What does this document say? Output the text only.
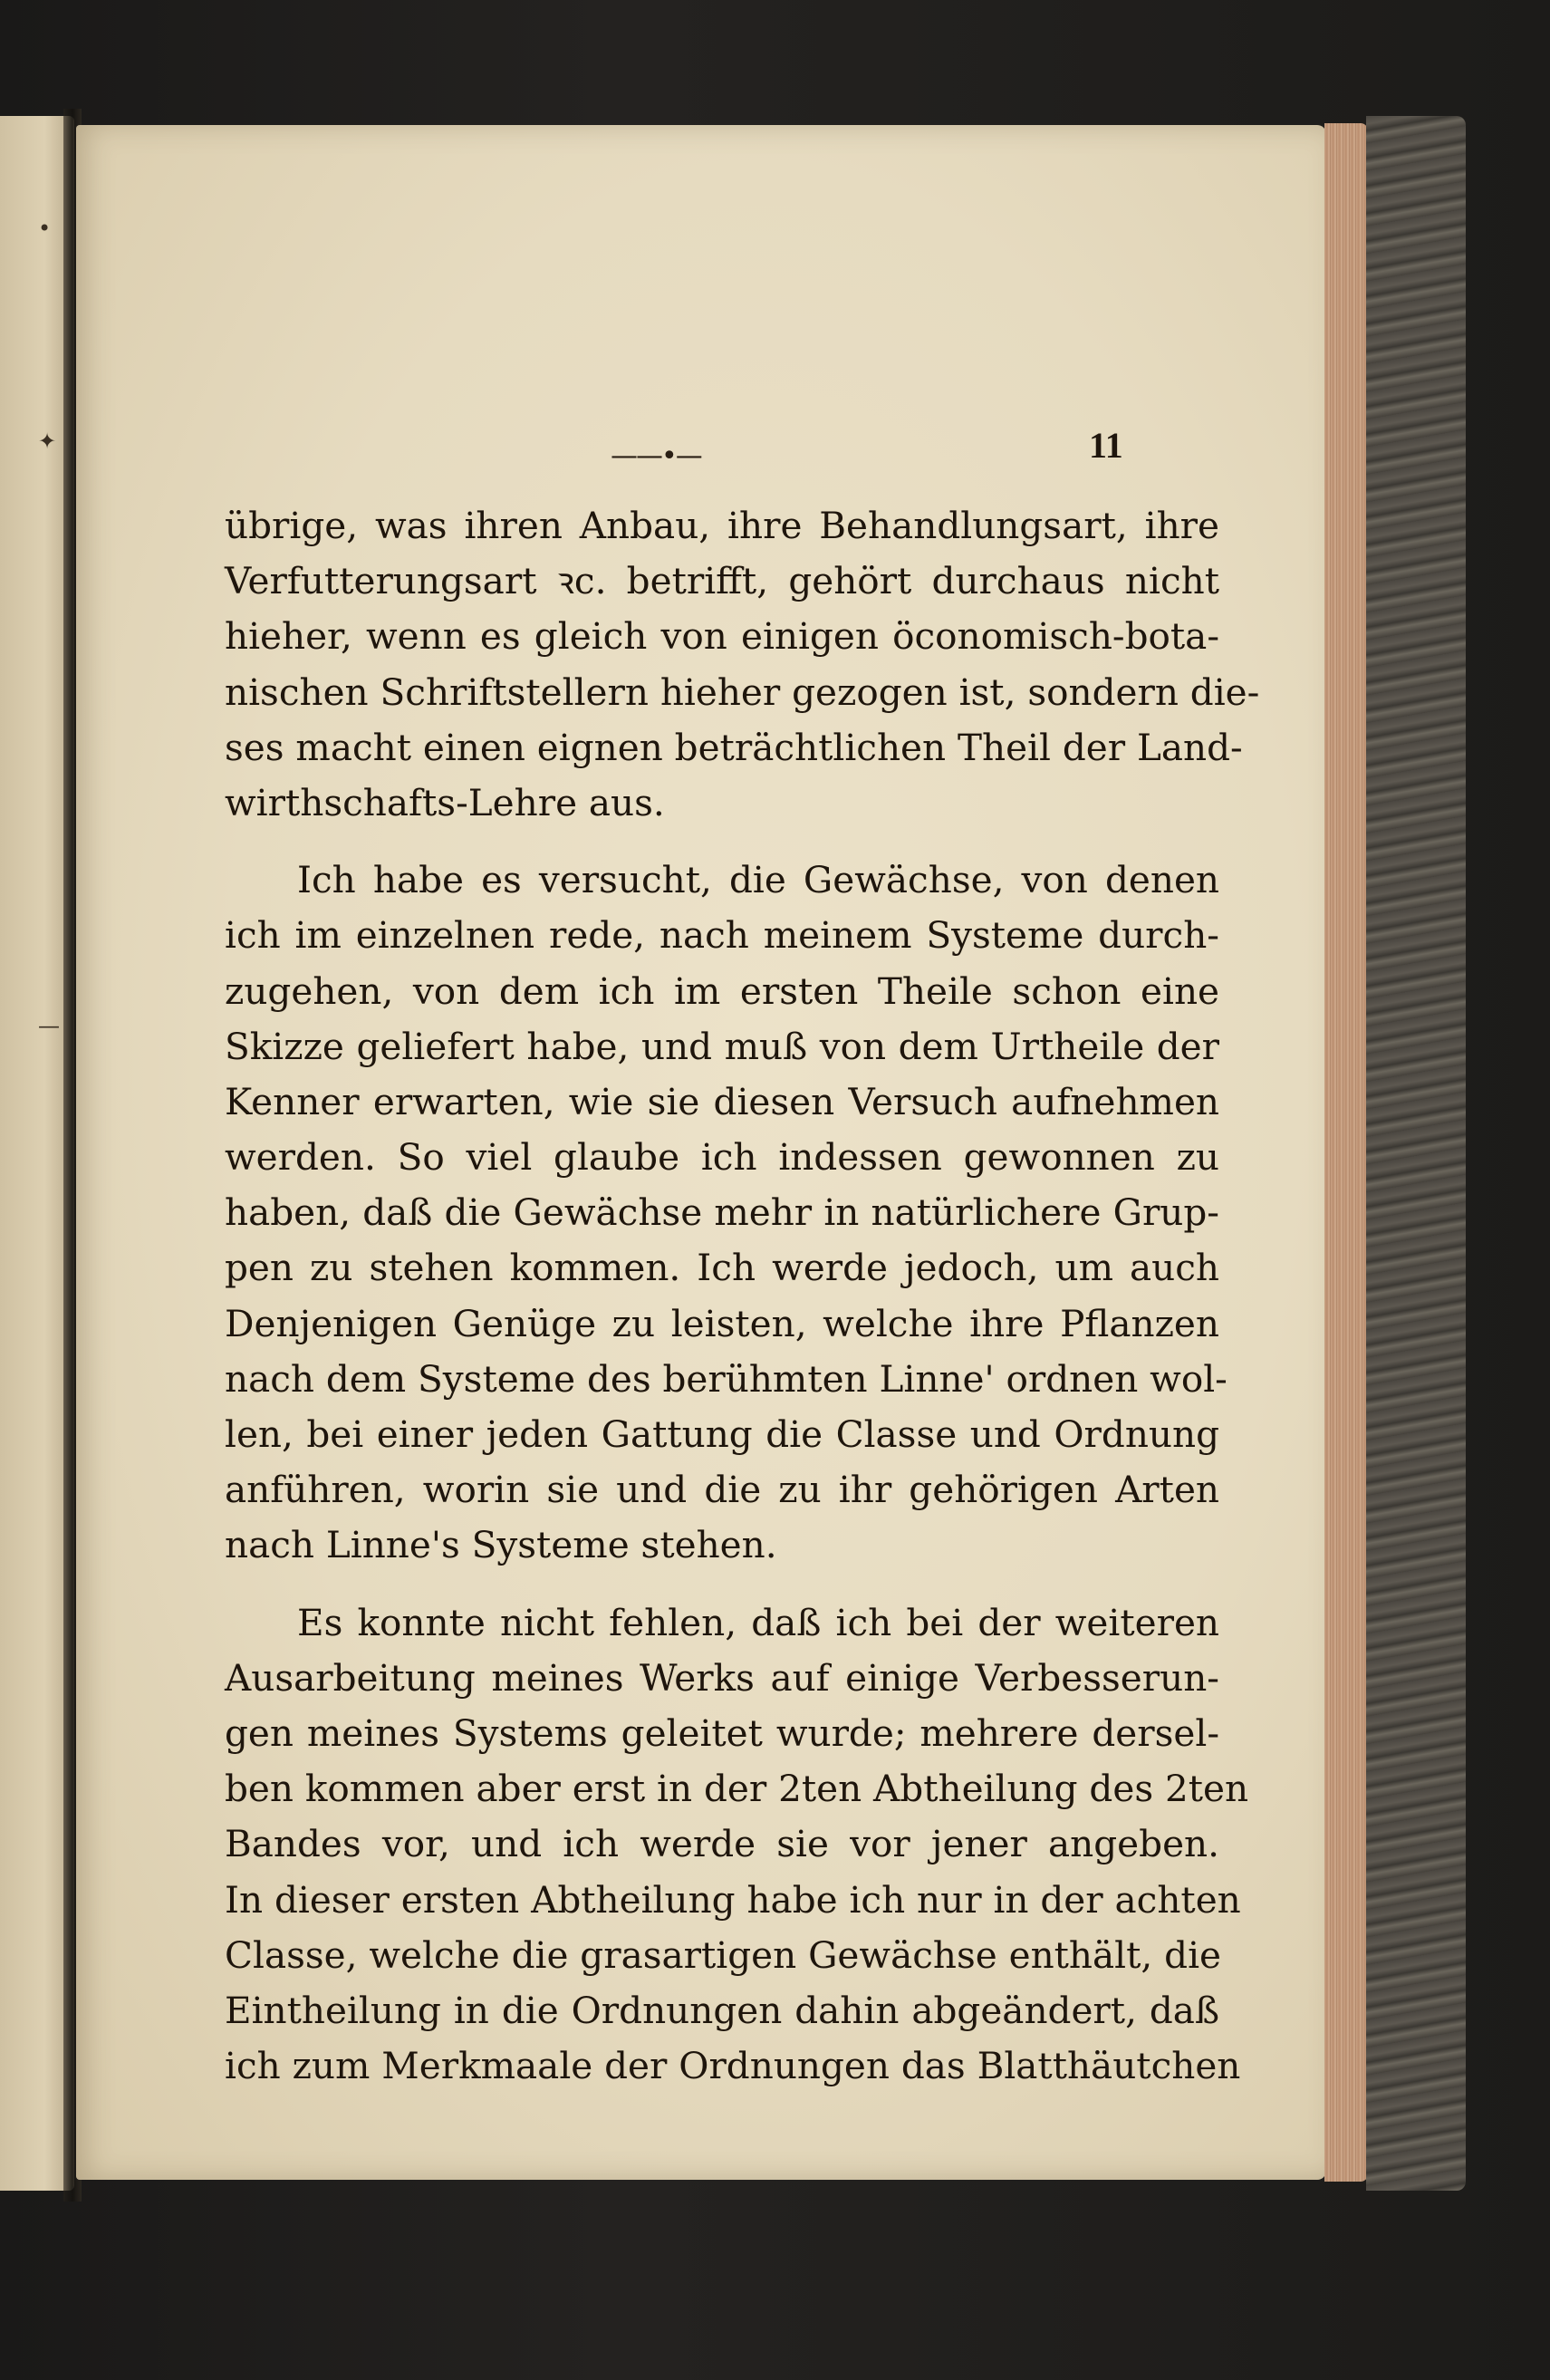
•
✦
—
——•—	11
übrige, was ihren Anbau, ihre Behandlungsart, ihre
Verfutterungsart ꝛc. betrifft, gehört durchaus nicht
hieher, wenn es gleich von einigen öconomisch-bota-
nischen Schriftstellern hieher gezogen ist, sondern die-
ses macht einen eignen beträchtlichen Theil der Land-
wirthschafts-Lehre aus.
Ich habe es versucht, die Gewächse, von denen
ich im einzelnen rede, nach meinem Systeme durch-
zugehen, von dem ich im ersten Theile schon eine
Skizze geliefert habe, und muß von dem Urtheile der
Kenner erwarten, wie sie diesen Versuch aufnehmen
werden. So viel glaube ich indessen gewonnen zu
haben, daß die Gewächse mehr in natürlichere Grup-
pen zu stehen kommen. Ich werde jedoch, um auch
Denjenigen Genüge zu leisten, welche ihre Pflanzen
nach dem Systeme des berühmten Linne' ordnen wol-
len, bei einer jeden Gattung die Classe und Ordnung
anführen, worin sie und die zu ihr gehörigen Arten
nach Linne's Systeme stehen.
Es konnte nicht fehlen, daß ich bei der weiteren
Ausarbeitung meines Werks auf einige Verbesserun-
gen meines Systems geleitet wurde; mehrere dersel-
ben kommen aber erst in der 2ten Abtheilung des 2ten
Bandes vor, und ich werde sie vor jener angeben.
In dieser ersten Abtheilung habe ich nur in der achten
Classe, welche die grasartigen Gewächse enthält, die
Eintheilung in die Ordnungen dahin abgeändert, daß
ich zum Merkmaale der Ordnungen das Blatthäutchen
